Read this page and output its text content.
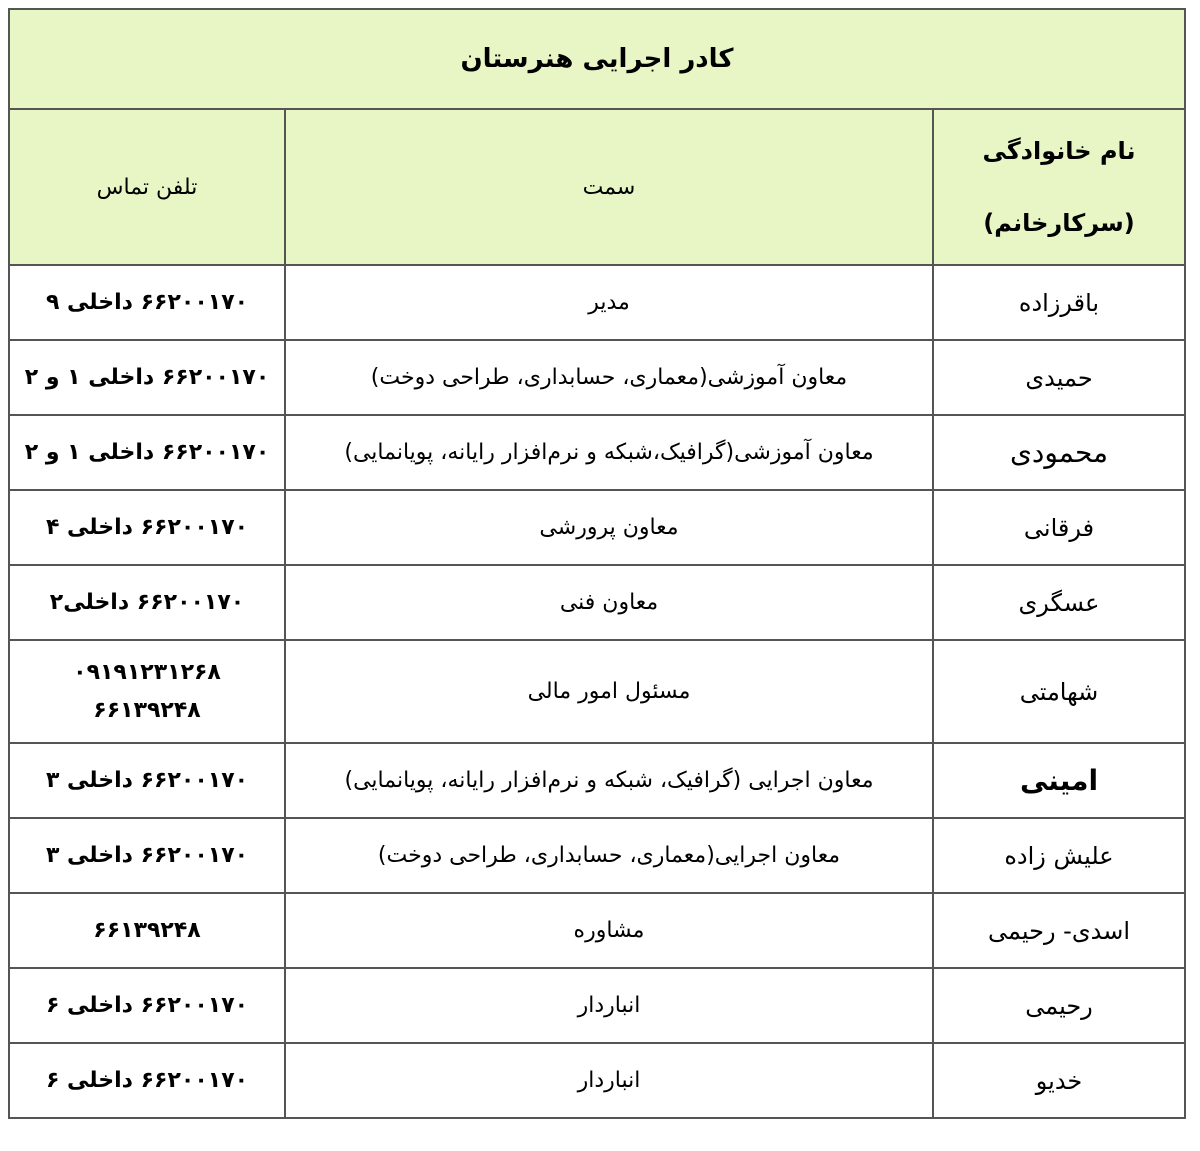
کادر اجرایی هنرستان		

نام خانوادگی
(سرکارخانم)	سمت	تلفن تماس
باقرزاده	مدیر	۶۶۲۰۰۱۷۰ داخلی ۹
حمیدی	معاون آموزشی(معماری، حسابداری، طراحی دوخت)	۶۶۲۰۰۱۷۰ داخلی ۱ و ۲
محمودی	معاون آموزشی(گرافیک،شبکه و نرم‌افزار رایانه، پویانمایی)	۶۶۲۰۰۱۷۰ داخلی ۱ و ۲
فرقانی	معاون پرورشی	۶۶۲۰۰۱۷۰ داخلی ۴
عسگری	معاون فنی	۶۶۲۰۰۱۷۰ داخلی۲
شهامتی	مسئول امور مالی	۰۹۱۹۱۲۳۱۲۶۸
۶۶۱۳۹۲۴۸

امینی	معاون اجرایی (گرافیک، شبکه و نرم‌افزار رایانه، پویانمایی)	۶۶۲۰۰۱۷۰ داخلی ۳
علیش زاده	معاون اجرایی(معماری، حسابداری، طراحی دوخت)	۶۶۲۰۰۱۷۰ داخلی ۳
اسدی- رحیمی	مشاوره	۶۶۱۳۹۲۴۸
رحیمی	انباردار	۶۶۲۰۰۱۷۰ داخلی ۶
خدیو	انباردار	۶۶۲۰۰۱۷۰ داخلی ۶
